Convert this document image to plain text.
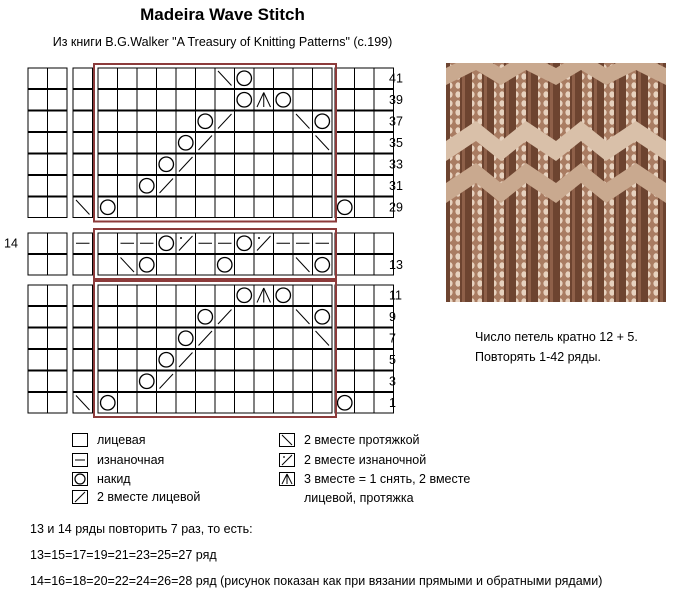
Madeira Wave Stitch
Из книги B.G.Walker "A Treasury of Knitting Patterns" (с.199)
41
39
37
35
33
31
29
14
13
11
9
7
5
3
1
Число петель кратно 12 + 5.
Повторять 1-42 ряды.
лицевая
изнаночная
накид
2 вместе лицевой
2 вместе протяжкой
2 вместе изнаночной
3 вместе = 1 снять, 2 вместе
лицевой, протяжка
13 и 14 ряды повторить 7 раз, то есть:
13=15=17=19=21=23=25=27 ряд
14=16=18=20=22=24=26=28 ряд (рисунок показан как при вязании прямыми и обратными рядами)
